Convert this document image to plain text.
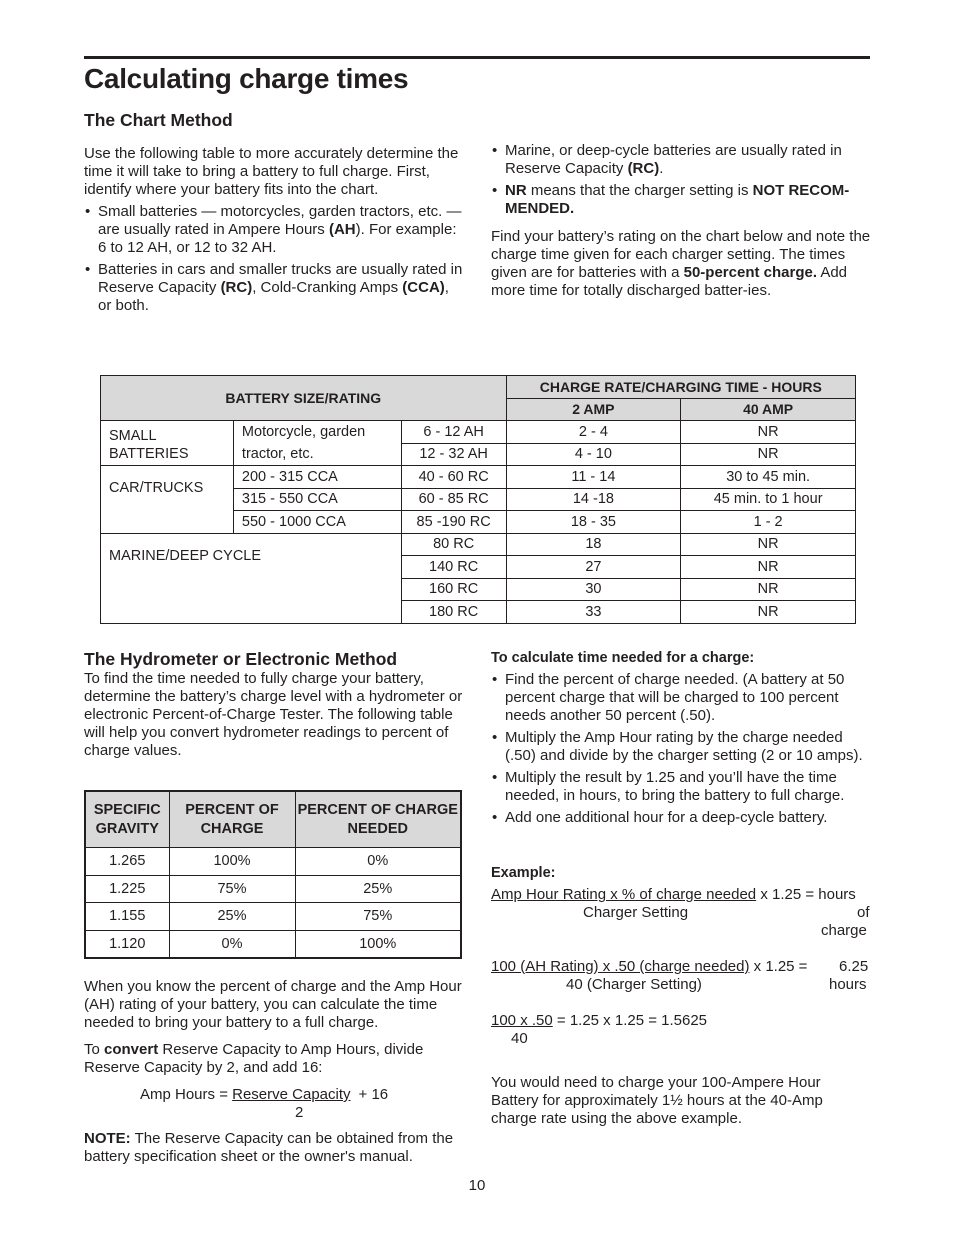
Calculating charge times
The Chart Method

Use the following table to more accurately determine the time it will take to bring a battery to full charge. First, identify where your battery fits into the chart.

• Small batteries — motorcycles, garden tractors, etc. — are usually rated in Ampere Hours (AH). For example: 6 to 12 AH, or 12 to 32 AH.
• Batteries in cars and smaller trucks are usually rated in Reserve Capacity (RC), Cold-Cranking Amps (CCA), or both.
• Marine, or deep-cycle batteries are usually rated in Reserve Capacity (RC).
• NR means that the charger setting is NOT RECOM-MENDED.

Find your battery’s rating on the chart below and note the charge time given for each charger setting. The times given are for batteries with a 50-percent charge. Add more time for totally discharged batter-ies.

BATTERY SIZE/RATING			CHARGE RATE/CHARGING TIME - HOURS	
			2 AMP	40 AMP
SMALL BATTERIES	Motorcycle, garden tractor, etc.	6 - 12 AH	2 - 4	NR
		12 - 32 AH	4 - 10	NR
CAR/TRUCKS	200 - 315 CCA	40 - 60 RC	11 - 14	30 to 45 min.
	315 - 550 CCA	60 - 85 RC	14 -18	45 min. to 1 hour
	550 - 1000 CCA	85 -190 RC	18 - 35	1 - 2
MARINE/DEEP CYCLE		80 RC	18	NR
		140 RC	27	NR
		160 RC	30	NR
		180 RC	33	NR
The Hydrometer or Electronic Method

To find the time needed to fully charge your battery, determine the battery’s charge level with a hydrometer or electronic Percent-of-Charge Tester. The following table will help you convert hydrometer readings to percent of charge values.

SPECIFIC GRAVITY	PERCENT OF CHARGE	PERCENT OF CHARGE NEEDED
1.265	100%	0%
1.225	75%	25%
1.155	25%	75%
1.120	0%	100%

When you know the percent of charge and the Amp Hour (AH) rating of your battery, you can calculate the time needed to bring your battery to a full charge.

To convert Reserve Capacity to Amp Hours, divide Reserve Capacity by 2, and add 16:

Amp Hours = Reserve Capacity + 16
2

NOTE: The Reserve Capacity can be obtained from the battery specification sheet or the owner's manual.

To calculate time needed for a charge:
• Find the percent of charge needed. (A battery at 50 percent charge that will be charged to 100 percent needs another 50 percent (.50).
• Multiply the Amp Hour rating by the charge needed (.50) and divide by the charger setting (2 or 10 amps).
• Multiply the result by 1.25 and you’ll have the time needed, in hours, to bring the battery to full charge.
• Add one additional hour for a deep-cycle battery.
Example:
Amp Hour Rating x % of charge needed x 1.25 = hours
Charger Setting	of
charge
100 (AH Rating) x .50 (charge needed) x 1.25 = 6.25
40 (Charger Setting)	hours
100 x .50 = 1.25 x 1.25 = 1.5625
40

You would need to charge your 100-Ampere Hour Battery for approximately 1½ hours at the 40-Amp charge rate using the above example.

10
